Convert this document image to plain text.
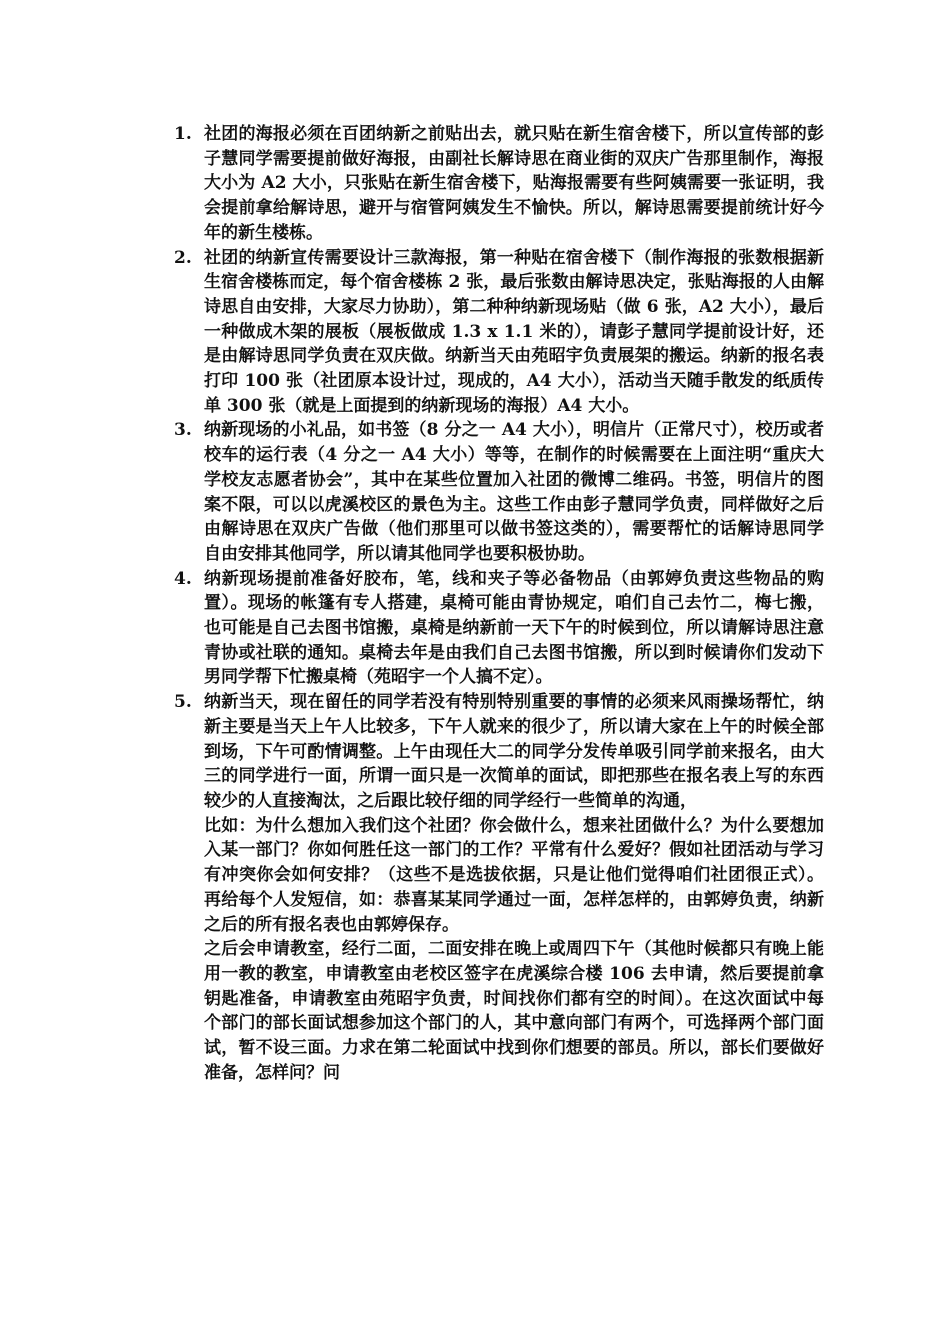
1. 社团的海报必须在百团纳新之前贴出去，就只贴在新生宿舍楼下，所以宣传部的彭子慧同学需要提前做好海报，由副社长解诗思在商业街的双庆广告那里制作，海报大小为 A2 大小，只张贴在新生宿舍楼下，贴海报需要有些阿姨需要一张证明，我会提前拿给解诗思，避开与宿管阿姨发生不愉快。所以，解诗思需要提前统计好今年的新生楼栋。
2. 社团的纳新宣传需要设计三款海报，第一种贴在宿舍楼下（制作海报的张数根据新生宿舍楼栋而定，每个宿舍楼栋 2 张，最后张数由解诗思决定，张贴海报的人由解诗思自由安排，大家尽力协助），第二种种纳新现场贴（做 6 张，A2 大小），最后一种做成木架的展板（展板做成 1.3 x 1.1 米的），请彭子慧同学提前设计好，还是由解诗思同学负责在双庆做。纳新当天由苑昭宇负责展架的搬运。纳新的报名表打印 100 张（社团原本设计过，现成的，A4 大小），活动当天随手散发的纸质传单 300 张（就是上面提到的纳新现场的海报）A4 大小。
3. 纳新现场的小礼品，如书签（8 分之一 A4 大小），明信片（正常尺寸），校历或者校车的运行表（4 分之一 A4 大小）等等，在制作的时候需要在上面注明“重庆大学校友志愿者协会”，其中在某些位置加入社团的微博二维码。书签，明信片的图案不限，可以以虎溪校区的景色为主。这些工作由彭子慧同学负责，同样做好之后由解诗思在双庆广告做（他们那里可以做书签这类的），需要帮忙的话解诗思同学自由安排其他同学，所以请其他同学也要积极协助。
4. 纳新现场提前准备好胶布，笔，线和夹子等必备物品（由郭婷负责这些物品的购置）。现场的帐篷有专人搭建，桌椅可能由青协规定，咱们自己去竹二，梅七搬，也可能是自己去图书馆搬，桌椅是纳新前一天下午的时候到位，所以请解诗思注意青协或社联的通知。桌椅去年是由我们自己去图书馆搬，所以到时候请你们发动下男同学帮下忙搬桌椅（苑昭宇一个人搞不定）。
5. 纳新当天，现在留任的同学若没有特别特别重要的事情的必须来风雨操场帮忙，纳新主要是当天上午人比较多，下午人就来的很少了，所以请大家在上午的时候全部到场，下午可酌情调整。上午由现任大二的同学分发传单吸引同学前来报名，由大三的同学进行一面，所谓一面只是一次简单的面试，即把那些在报名表上写的东西较少的人直接淘汰，之后跟比较仔细的同学经行一些简单的沟通，
比如：为什么想加入我们这个社团？你会做什么，想来社团做什么？为什么要想加入某一部门？你如何胜任这一部门的工作？平常有什么爱好？假如社团活动与学习有冲突你会如何安排？（这些不是选拔依据，只是让他们觉得咱们社团很正式）。再给每个人发短信，如：恭喜某某同学通过一面，怎样怎样的，由郭婷负责，纳新之后的所有报名表也由郭婷保存。
之后会申请教室，经行二面，二面安排在晚上或周四下午（其他时候都只有晚上能用一教的教室，申请教室由老校区签字在虎溪综合楼 106 去申请，然后要提前拿钥匙准备，申请教室由苑昭宇负责，时间找你们都有空的时间）。在这次面试中每个部门的部长面试想参加这个部门的人，其中意向部门有两个，可选择两个部门面试，暂不设三面。力求在第二轮面试中找到你们想要的部员。所以，部长们要做好准备，怎样问？问
